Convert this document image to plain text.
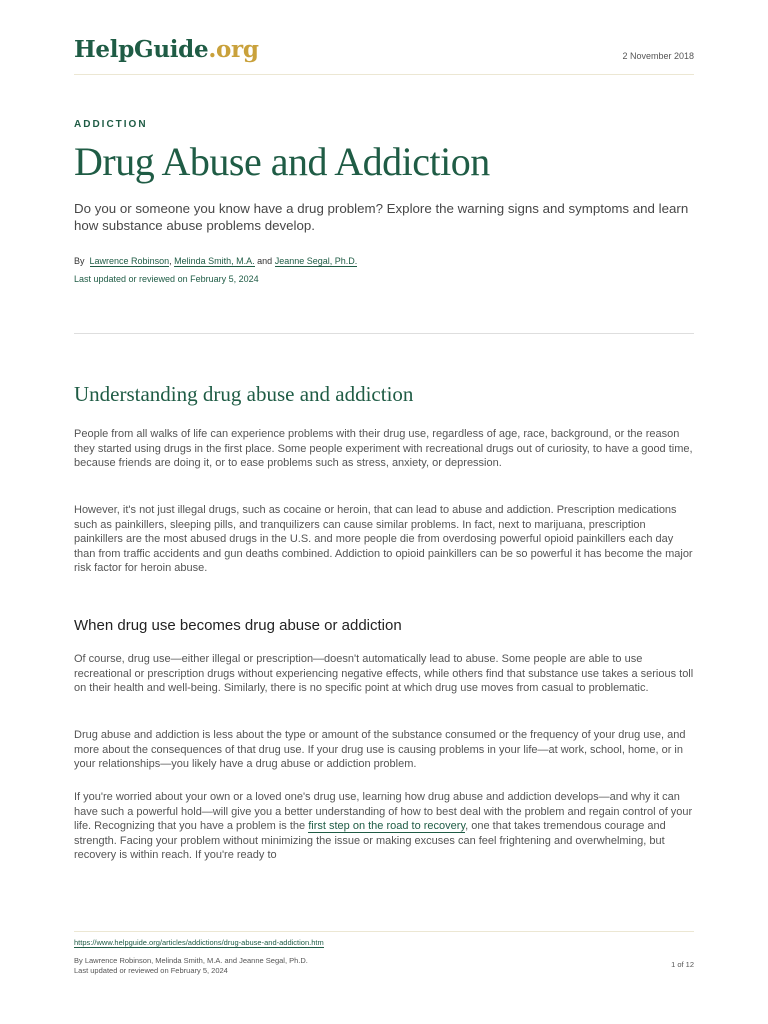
HelpGuide.org	2 November 2018
ADDICTION
Drug Abuse and Addiction

Do you or someone you know have a drug problem? Explore the warning signs and symptoms and learn how substance abuse problems develop.

By Lawrence Robinson, Melinda Smith, M.A. and Jeanne Segal, Ph.D.
Last updated or reviewed on February 5, 2024
Understanding drug abuse and addiction

People from all walks of life can experience problems with their drug use, regardless of age, race, background, or the reason they started using drugs in the first place. Some people experiment with recreational drugs out of curiosity, to have a good time, because friends are doing it, or to ease problems such as stress, anxiety, or depression.

However, it's not just illegal drugs, such as cocaine or heroin, that can lead to abuse and addiction. Prescription medications such as painkillers, sleeping pills, and tranquilizers can cause similar problems. In fact, next to marijuana, prescription painkillers are the most abused drugs in the U.S. and more people die from overdosing powerful opioid painkillers each day than from traffic accidents and gun deaths combined. Addiction to opioid painkillers can be so powerful it has become the major risk factor for heroin abuse.

When drug use becomes drug abuse or addiction

Of course, drug use—either illegal or prescription—doesn't automatically lead to abuse. Some people are able to use recreational or prescription drugs without experiencing negative effects, while others find that substance use takes a serious toll on their health and well-being. Similarly, there is no specific point at which drug use moves from casual to problematic.

Drug abuse and addiction is less about the type or amount of the substance consumed or the frequency of your drug use, and more about the consequences of that drug use. If your drug use is causing problems in your life—at work, school, home, or in your relationships—you likely have a drug abuse or addiction problem.

If you're worried about your own or a loved one's drug use, learning how drug abuse and addiction develops—and why it can have such a powerful hold—will give you a better understanding of how to best deal with the problem and regain control of your life. Recognizing that you have a problem is the first step on the road to recovery, one that takes tremendous courage and strength. Facing your problem without minimizing the issue or making excuses can feel frightening and overwhelming, but recovery is within reach. If you're ready to

https://www.helpguide.org/articles/addictions/drug-abuse-and-addiction.htm
By Lawrence Robinson, Melinda Smith, M.A. and Jeanne Segal, Ph.D.
Last updated or reviewed on February 5, 2024
1 of 12
